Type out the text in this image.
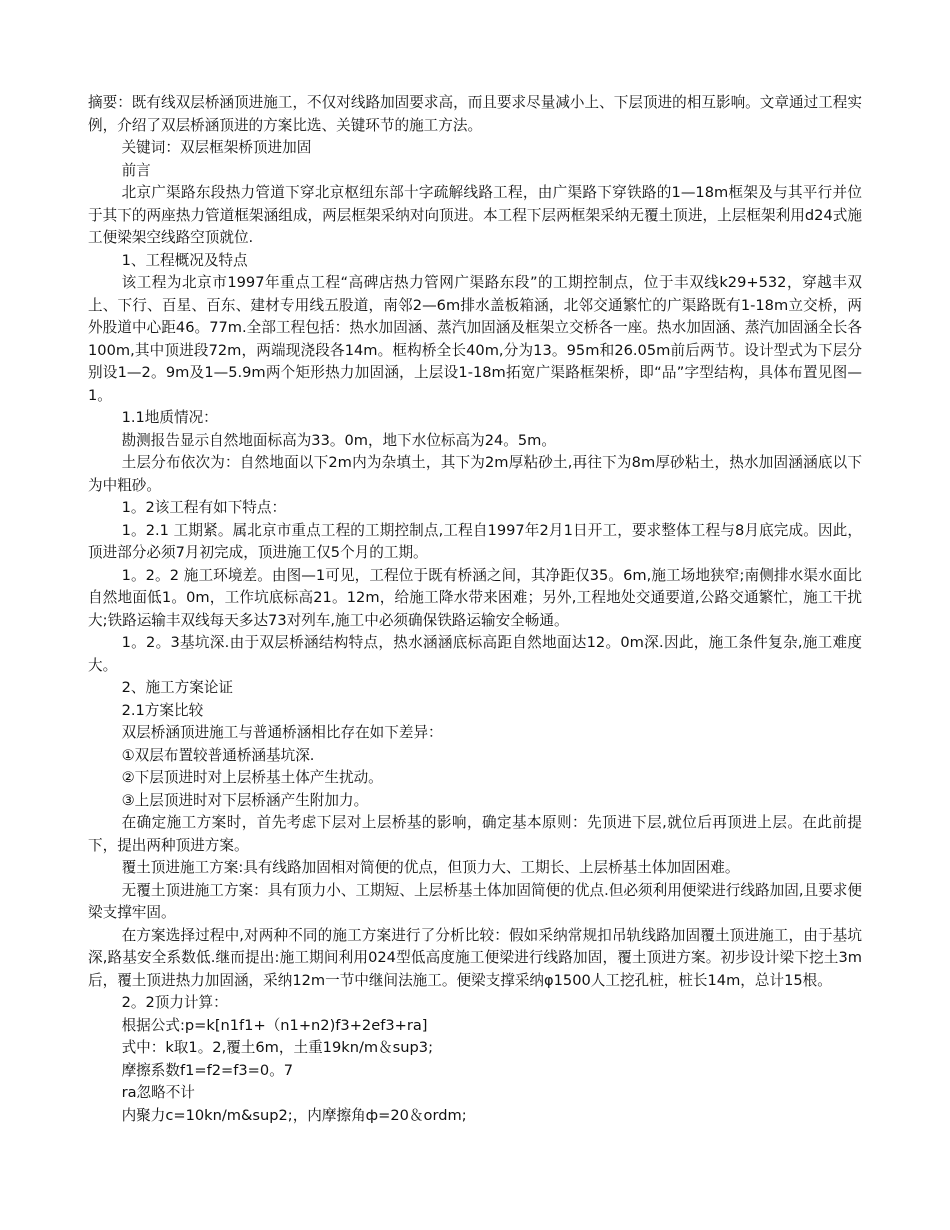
摘要：既有线双层桥涵顶进施工，不仅对线路加固要求高，而且要求尽量减小上、下层顶进的相互影响。文章通过工程实例，介绍了双层桥涵顶进的方案比选、关键环节的施工方法。

关键词：双层框架桥顶进加固

前言

北京广渠路东段热力管道下穿北京枢纽东部十字疏解线路工程，由广渠路下穿铁路的1—18m框架及与其平行并位于其下的两座热力管道框架涵组成，两层框架采纳对向顶进。本工程下层两框架采纳无覆土顶进，上层框架利用d24式施工便梁架空线路空顶就位.

1、工程概况及特点

该工程为北京市1997年重点工程“高碑店热力管网广渠路东段”的工期控制点，位于丰双线k29+532，穿越丰双上、下行、百星、百东、建材专用线五股道，南邻2—6m排水盖板箱涵，北邻交通繁忙的广渠路既有1-18m立交桥，两外股道中心距46。77m.全部工程包括：热水加固涵、蒸汽加固涵及框架立交桥各一座。热水加固涵、蒸汽加固涵全长各100m,其中顶进段72m，两端现浇段各14m。框构桥全长40m,分为13。95m和26.05m前后两节。设计型式为下层分别设1—2。9m及1—5.9m两个矩形热力加固涵，上层设1-18m拓宽广渠路框架桥，即“品”字型结构，具体布置见图—1。

1.1地质情况：

勘测报告显示自然地面标高为33。0m，地下水位标高为24。5m。

土层分布依次为：自然地面以下2m内为杂填土，其下为2m厚粘砂土,再往下为8m厚砂粘土，热水加固涵涵底以下为中粗砂。

1。2该工程有如下特点：

1。2.1 工期紧。属北京市重点工程的工期控制点,工程自1997年2月1日开工，要求整体工程与8月底完成。因此，顶进部分必须7月初完成，顶进施工仅5个月的工期。

1。2。2 施工环境差。由图—1可见，工程位于既有桥涵之间，其净距仅35。6m,施工场地狭窄;南侧排水渠水面比自然地面低1。0m，工作坑底标高21。12m，给施工降水带来困难；另外,工程地处交通要道,公路交通繁忙，施工干扰大;铁路运输丰双线每天多达73对列车,施工中必须确保铁路运输安全畅通。

1。2。3基坑深.由于双层桥涵结构特点，热水涵涵底标高距自然地面达12。0m深.因此，施工条件复杂,施工难度大。

2、施工方案论证

2.1方案比较

双层桥涵顶进施工与普通桥涵相比存在如下差异：

①双层布置较普通桥涵基坑深.

②下层顶进时对上层桥基土体产生扰动。

③上层顶进时对下层桥涵产生附加力。

在确定施工方案时，首先考虑下层对上层桥基的影响，确定基本原则：先顶进下层,就位后再顶进上层。在此前提下，提出两种顶进方案。

覆土顶进施工方案:具有线路加固相对简便的优点，但顶力大、工期长、上层桥基土体加固困难。

无覆土顶进施工方案：具有顶力小、工期短、上层桥基土体加固简便的优点.但必须利用便梁进行线路加固,且要求便梁支撑牢固。

在方案选择过程中,对两种不同的施工方案进行了分析比较：假如采纳常规扣吊轨线路加固覆土顶进施工，由于基坑深,路基安全系数低.继而提出:施工期间利用024型低高度施工便梁进行线路加固，覆土顶进方案。初步设计梁下挖土3m后，覆土顶进热力加固涵，采纳12m一节中继间法施工。便梁支撑采纳φ1500人工挖孔桩，桩长14m，总计15根。

2。2顶力计算：

根据公式:p=k[n1f1+（n1+n2)f3+2ef3+ra]

式中：k取1。2,覆土6m，土重19kn/m＆sup3;

摩擦系数f1=f2=f3=0。7

ra忽略不计

内聚力c=10kn/m&sup2;，内摩擦角ф=20＆ordm;
